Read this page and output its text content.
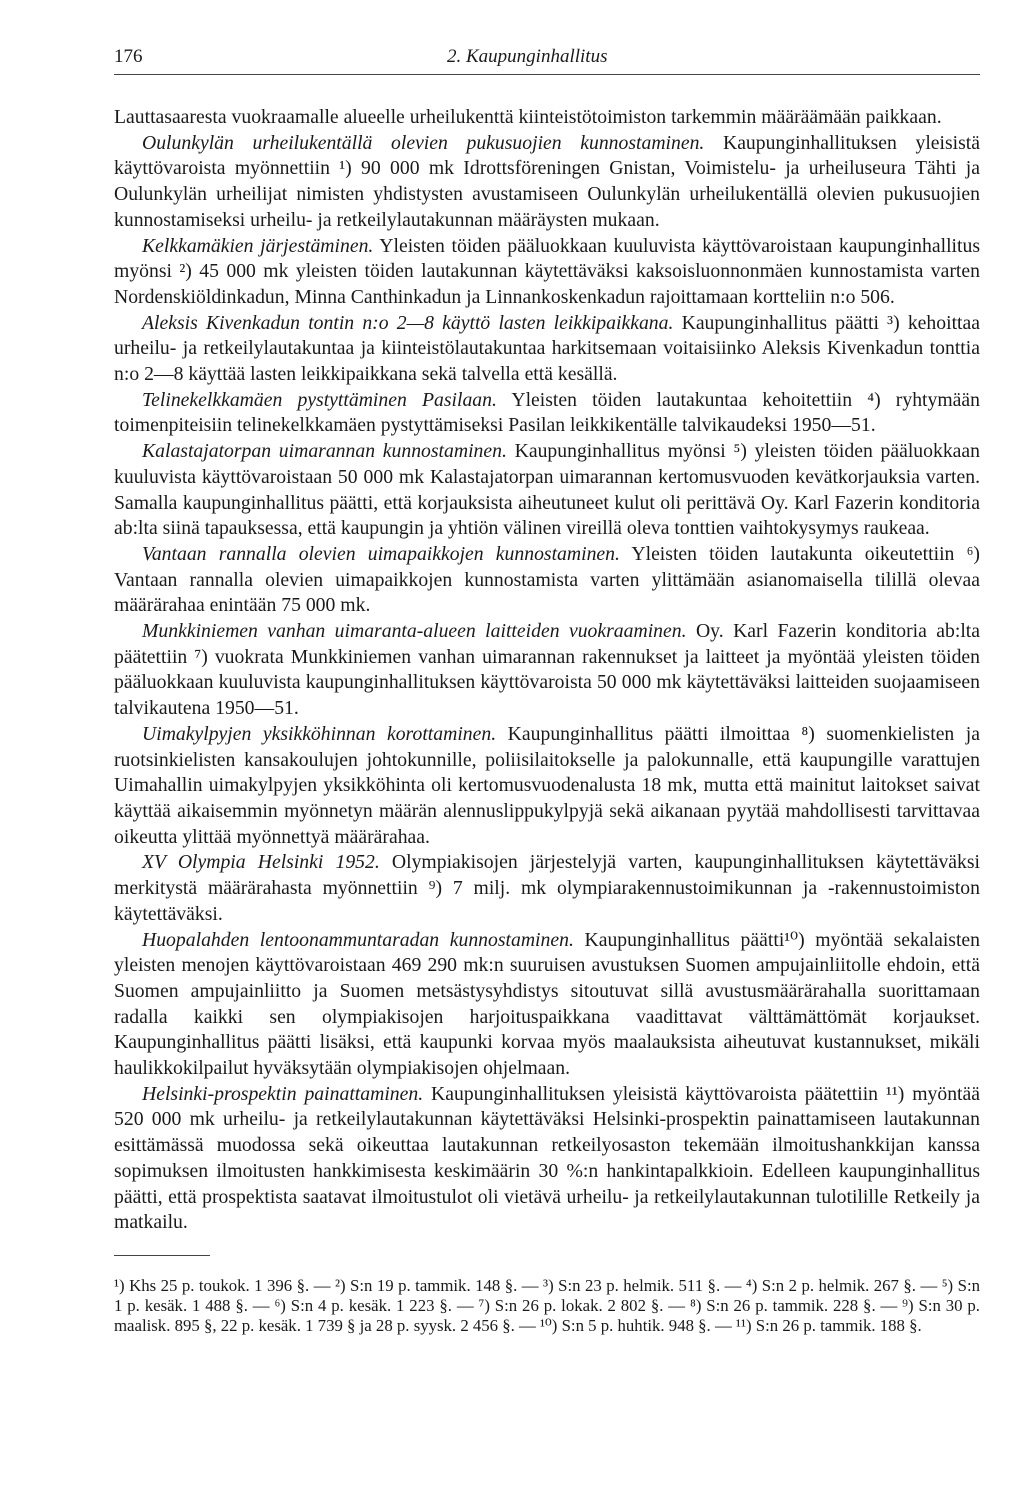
176	2. Kaupunginhallitus

Lauttasaaresta vuokraamalle alueelle urheilukenttä kiinteistötoimiston tarkemmin määräämään paikkaan.

Oulunkylän urheilukentällä olevien pukusuojien kunnostaminen. Kaupunginhallituksen yleisistä käyttövaroista myönnettiin ¹) 90 000 mk Idrottsföreningen Gnistan, Voimistelu- ja urheiluseura Tähti ja Oulunkylän urheilijat nimisten yhdistysten avustamiseen Oulunkylän urheilukentällä olevien pukusuojien kunnostamiseksi urheilu- ja retkeilylautakunnan määräysten mukaan.

Kelkkamäkien järjestäminen. Yleisten töiden pääluokkaan kuuluvista käyttövaroistaan kaupunginhallitus myönsi ²) 45 000 mk yleisten töiden lautakunnan käytettäväksi kaksoisluonnonmäen kunnostamista varten Nordenskiöldinkadun, Minna Canthinkadun ja Linnankoskenkadun rajoittamaan kortteliin n:o 506.

Aleksis Kivenkadun tontin n:o 2—8 käyttö lasten leikkipaikkana. Kaupunginhallitus päätti ³) kehoittaa urheilu- ja retkeilylautakuntaa ja kiinteistölautakuntaa harkitsemaan voitaisiinko Aleksis Kivenkadun tonttia n:o 2—8 käyttää lasten leikkipaikkana sekä talvella että kesällä.

Telinekelkkamäen pystyttäminen Pasilaan. Yleisten töiden lautakuntaa kehoitettiin ⁴) ryhtymään toimenpiteisiin telinekelkkamäen pystyttämiseksi Pasilan leikkikentälle talvikaudeksi 1950—51.

Kalastajatorpan uimarannan kunnostaminen. Kaupunginhallitus myönsi ⁵) yleisten töiden pääluokkaan kuuluvista käyttövaroistaan 50 000 mk Kalastajatorpan uimarannan kertomusvuoden kevätkorjauksia varten. Samalla kaupunginhallitus päätti, että korjauksista aiheutuneet kulut oli perittävä Oy. Karl Fazerin konditoria ab:lta siinä tapauksessa, että kaupungin ja yhtiön välinen vireillä oleva tonttien vaihtokysymys raukeaa.

Vantaan rannalla olevien uimapaikkojen kunnostaminen. Yleisten töiden lautakunta oikeutettiin ⁶) Vantaan rannalla olevien uimapaikkojen kunnostamista varten ylittämään asianomaisella tilillä olevaa määrärahaa enintään 75 000 mk.

Munkkiniemen vanhan uimaranta-alueen laitteiden vuokraaminen. Oy. Karl Fazerin konditoria ab:lta päätettiin ⁷) vuokrata Munkkiniemen vanhan uimarannan rakennukset ja laitteet ja myöntää yleisten töiden pääluokkaan kuuluvista kaupunginhallituksen käyttövaroista 50 000 mk käytettäväksi laitteiden suojaamiseen talvikautena 1950—51.

Uimakylpyjen yksikköhinnan korottaminen. Kaupunginhallitus päätti ilmoittaa ⁸) suomenkielisten ja ruotsinkielisten kansakoulujen johtokunnille, poliisilaitokselle ja palokunnalle, että kaupungille varattujen Uimahallin uimakylpyjen yksikköhinta oli kertomusvuodenalusta 18 mk, mutta että mainitut laitokset saivat käyttää aikaisemmin myönnetyn määrän alennuslippukylpyjä sekä aikanaan pyytää mahdollisesti tarvittavaa oikeutta ylittää myönnettyä määrärahaa.

XV Olympia Helsinki 1952. Olympiakisojen järjestelyjä varten, kaupunginhallituksen käytettäväksi merkitystä määrärahasta myönnettiin ⁹) 7 milj. mk olympiarakennustoimikunnan ja -rakennustoimiston käytettäväksi.

Huopalahden lentoonammuntaradan kunnostaminen. Kaupunginhallitus päätti¹⁰) myöntää sekalaisten yleisten menojen käyttövaroistaan 469 290 mk:n suuruisen avustuksen Suomen ampujainliitolle ehdoin, että Suomen ampujainliitto ja Suomen metsästysyhdistys sitoutuvat sillä avustusmäärärahalla suorittamaan radalla kaikki sen olympiakisojen harjoituspaikkana vaadittavat välttämättömät korjaukset. Kaupunginhallitus päätti lisäksi, että kaupunki korvaa myös maalauksista aiheutuvat kustannukset, mikäli haulikkokilpailut hyväksytään olympiakisojen ohjelmaan.

Helsinki-prospektin painattaminen. Kaupunginhallituksen yleisistä käyttövaroista päätettiin ¹¹) myöntää 520 000 mk urheilu- ja retkeilylautakunnan käytettäväksi Helsinki-prospektin painattamiseen lautakunnan esittämässä muodossa sekä oikeuttaa lautakunnan retkeilyosaston tekemään ilmoitushankkijan kanssa sopimuksen ilmoitusten hankkimisesta keskimäärin 30 %:n hankintapalkkioin. Edelleen kaupunginhallitus päätti, että prospektista saatavat ilmoitustulot oli vietävä urheilu- ja retkeilylautakunnan tulotilille Retkeily ja matkailu.

¹) Khs 25 p. toukok. 1 396 §. — ²) S:n 19 p. tammik. 148 §. — ³) S:n 23 p. helmik. 511 §. — ⁴) S:n 2 p. helmik. 267 §. — ⁵) S:n 1 p. kesäk. 1 488 §. — ⁶) S:n 4 p. kesäk. 1 223 §. — ⁷) S:n 26 p. lokak. 2 802 §. — ⁸) S:n 26 p. tammik. 228 §. — ⁹) S:n 30 p. maalisk. 895 §, 22 p. kesäk. 1 739 § ja 28 p. syysk. 2 456 §. — ¹⁰) S:n 5 p. huhtik. 948 §. — ¹¹) S:n 26 p. tammik. 188 §.
